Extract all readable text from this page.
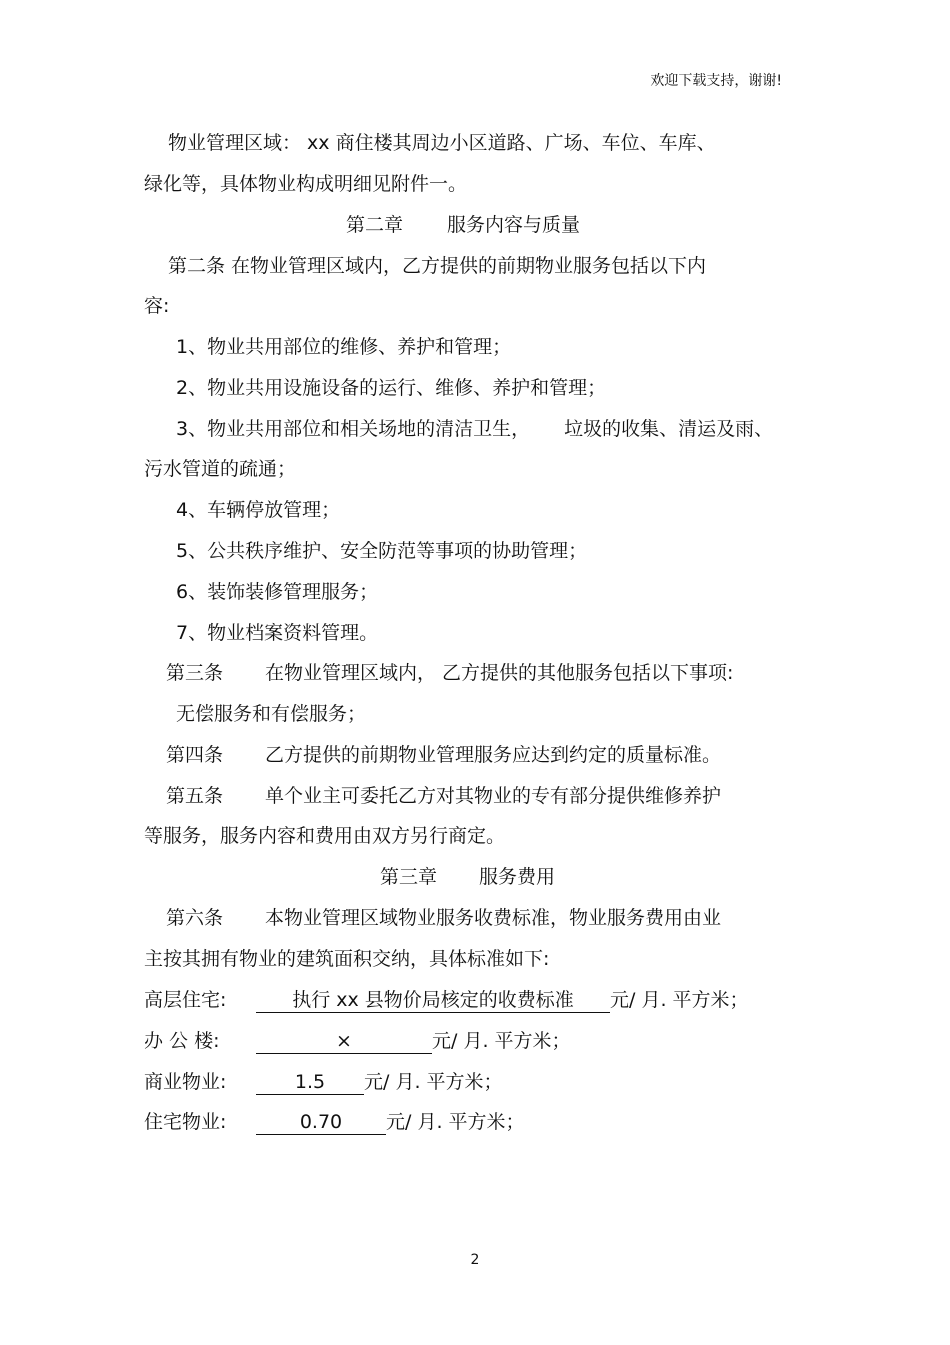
欢迎下载支持，谢谢!
物业管理区域： xx 商住楼其周边小区道路、广场、车位、车库、
绿化等，具体物业构成明细见附件一。
第二章 服务内容与质量
第二条 在物业管理区域内，乙方提供的前期物业服务包括以下内
容:
1、物业共用部位的维修、养护和管理；
2、物业共用设施设备的运行、维修、养护和管理；
3、物业共用部位和相关场地的清洁卫生， 垃圾的收集、清运及雨、
污水管道的疏通；
4、车辆停放管理；
5、公共秩序维护、安全防范等事项的协助管理；
6、装饰装修管理服务；
7、物业档案资料管理。
第三条 在物业管理区域内， 乙方提供的其他服务包括以下事项:
无偿服务和有偿服务；
第四条 乙方提供的前期物业管理服务应达到约定的质量标准。
第五条 单个业主可委托乙方对其物业的专有部分提供维修养护
等服务，服务内容和费用由双方另行商定。
第三章 服务费用
第六条 本物业管理区域物业服务收费标准，物业服务费用由业
主按其拥有物业的建筑面积交纳，具体标准如下:
高层住宅:	执行 xx 县物价局核定的收费标准 元/ 月. 平方米；
办 公 楼:	×	元/ 月. 平方米；
商业物业:	1.5 元/ 月. 平方米；
住宅物业:	0.70 元/ 月. 平方米；
2
